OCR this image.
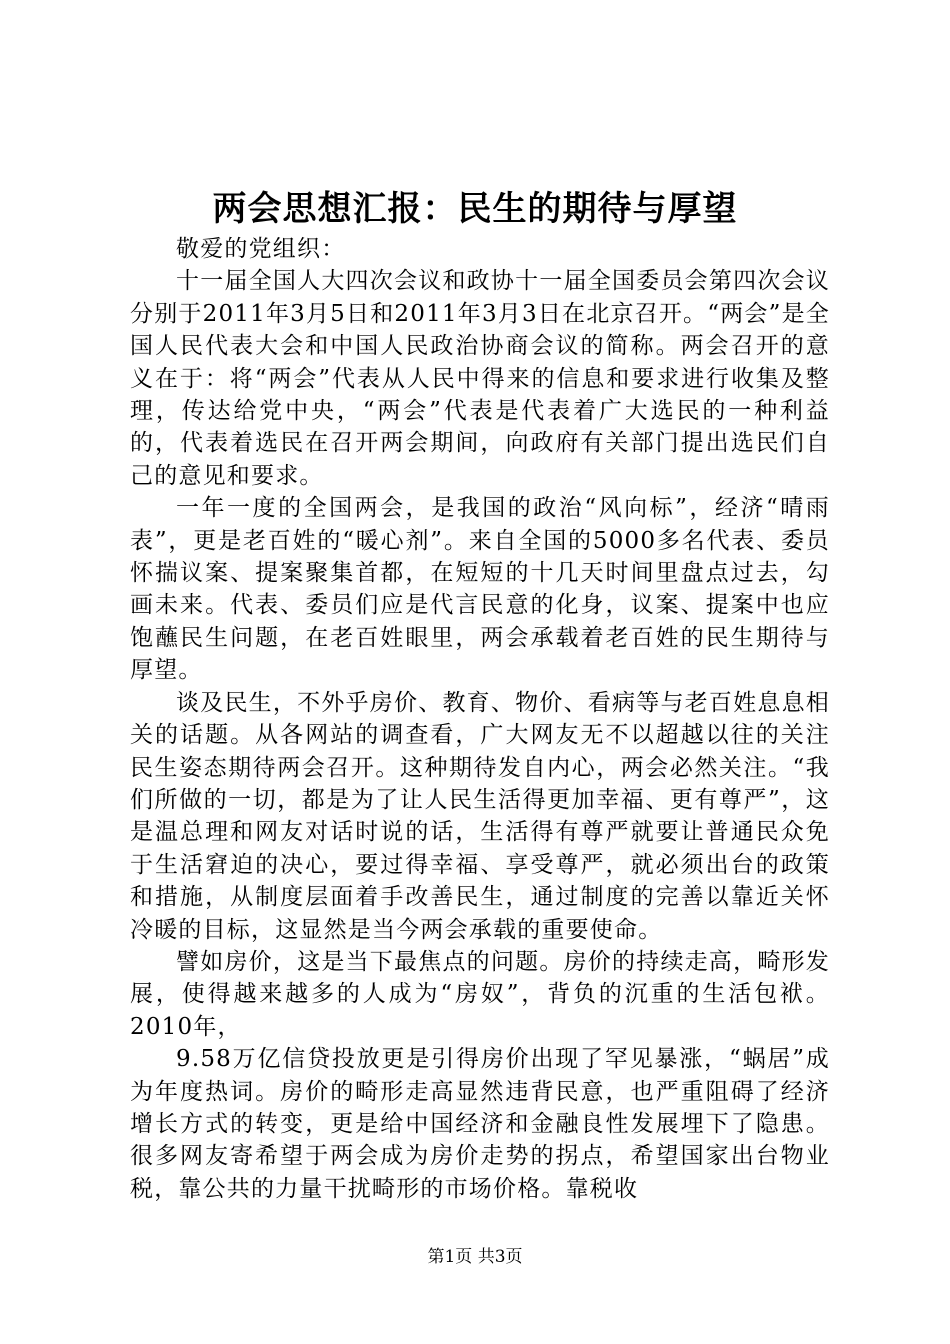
两会思想汇报：民生的期待与厚望

敬爱的党组织：

十一届全国人大四次会议和政协十一届全国委员会第四次会议分别于2011年3月5日和2011年3月3日在北京召开。“两会”是全国人民代表大会和中国人民政治协商会议的简称。两会召开的意义在于：将“两会”代表从人民中得来的信息和要求进行收集及整理，传达给党中央，“两会”代表是代表着广大选民的一种利益的，代表着选民在召开两会期间，向政府有关部门提出选民们自己的意见和要求。

一年一度的全国两会，是我国的政治“风向标”，经济“晴雨表”，更是老百姓的“暖心剂”。来自全国的5000多名代表、委员怀揣议案、提案聚集首都，在短短的十几天时间里盘点过去，勾画未来。代表、委员们应是代言民意的化身，议案、提案中也应饱蘸民生问题，在老百姓眼里，两会承载着老百姓的民生期待与厚望。

谈及民生，不外乎房价、教育、物价、看病等与老百姓息息相关的话题。从各网站的调查看，广大网友无不以超越以往的关注民生姿态期待两会召开。这种期待发自内心，两会必然关注。“我们所做的一切，都是为了让人民生活得更加幸福、更有尊严”，这是温总理和网友对话时说的话，生活得有尊严就要让普通民众免于生活窘迫的决心，要过得幸福、享受尊严，就必须出台的政策和措施，从制度层面着手改善民生，通过制度的完善以靠近关怀冷暖的目标，这显然是当今两会承载的重要使命。

譬如房价，这是当下最焦点的问题。房价的持续走高，畸形发展，使得越来越多的人成为“房奴”，背负的沉重的生活包袱。2010年，

9.58万亿信贷投放更是引得房价出现了罕见暴涨，“蜗居”成为年度热词。房价的畸形走高显然违背民意，也严重阻碍了经济增长方式的转变，更是给中国经济和金融良性发展埋下了隐患。很多网友寄希望于两会成为房价走势的拐点，希望国家出台物业税，靠公共的力量干扰畸形的市场价格。靠税收

第1页 共3页
